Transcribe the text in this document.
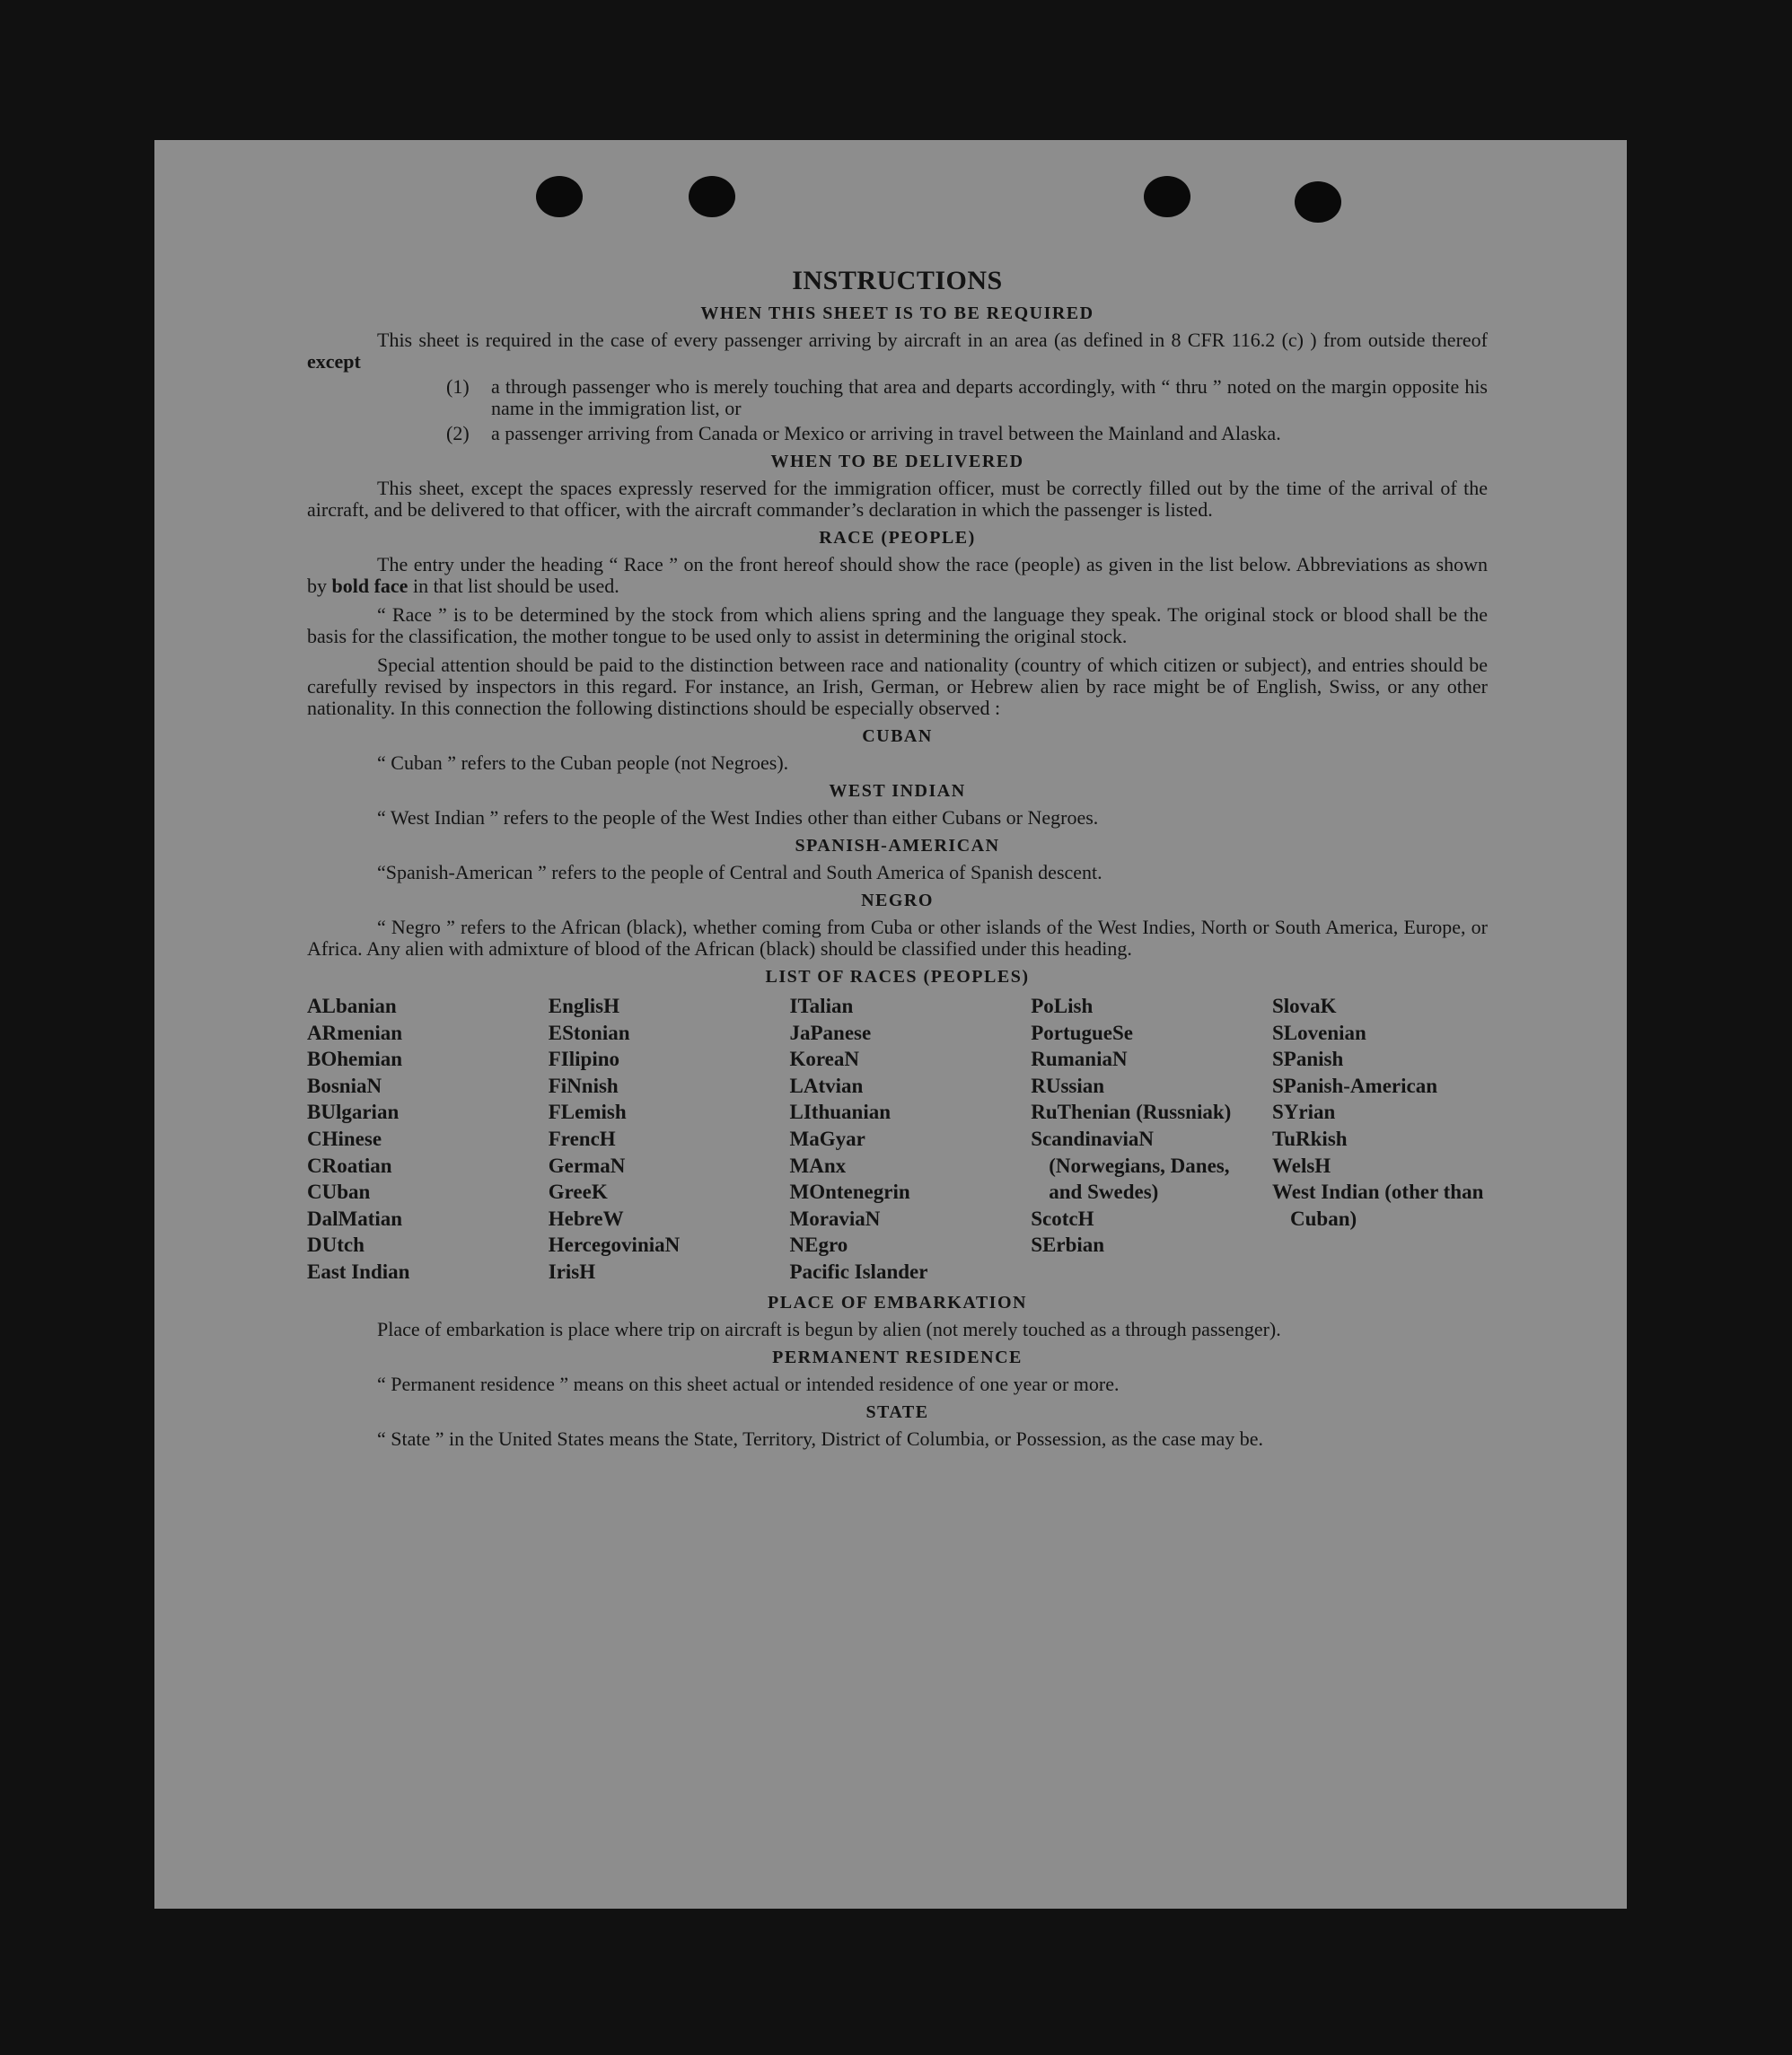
INSTRUCTIONS
WHEN THIS SHEET IS TO BE REQUIRED

This sheet is required in the case of every passenger arriving by aircraft in an area (as defined in 8 CFR 116.2 (c) ) from outside thereof except

(1)	a through passenger who is merely touching that area and departs accordingly, with “ thru ” noted on the margin opposite his name in the immigration list, or
(2)	a passenger arriving from Canada or Mexico or arriving in travel between the Mainland and Alaska.
WHEN TO BE DELIVERED

This sheet, except the spaces expressly reserved for the immigration officer, must be correctly filled out by the time of the arrival of the aircraft, and be delivered to that officer, with the aircraft commander’s declaration in which the passenger is listed.

RACE (PEOPLE)

The entry under the heading “ Race ” on the front hereof should show the race (people) as given in the list below. Abbreviations as shown by bold face in that list should be used.

“ Race ” is to be determined by the stock from which aliens spring and the language they speak. The original stock or blood shall be the basis for the classification, the mother tongue to be used only to assist in determining the original stock.

Special attention should be paid to the distinction between race and nationality (country of which citizen or subject), and entries should be carefully revised by inspectors in this regard. For instance, an Irish, German, or Hebrew alien by race might be of English, Swiss, or any other nationality. In this connection the following distinctions should be especially observed :

CUBAN

“ Cuban ” refers to the Cuban people (not Negroes).

WEST INDIAN

“ West Indian ” refers to the people of the West Indies other than either Cubans or Negroes.

SPANISH-AMERICAN

“Spanish-American ” refers to the people of Central and South America of Spanish descent.

NEGRO

“ Negro ” refers to the African (black), whether coming from Cuba or other islands of the West Indies, North or South America, Europe, or Africa. Any alien with admixture of blood of the African (black) should be classified under this heading.

LIST OF RACES (PEOPLES)
ALbanian
ARmenian
BOhemian
BosniaN
BUlgarian
CHinese
CRoatian
CUban
DalMatian
DUtch
East Indian
EnglisH
EStonian
FIlipino
FiNnish
FLemish
FrencH
GermaN
GreeK
HebreW
HercegoviniaN
IrisH
ITalian
JaPanese
KoreaN
LAtvian
LIthuanian
MaGyar
MAnx
MOntenegrin
MoraviaN
NEgro
Pacific Islander
PoLish
PortugueSe
RumaniaN
RUssian
RuThenian (Russniak)
ScandinaviaN (Norwegians, Danes, and Swedes)
ScotcH
SErbian
SlovaK
SLovenian
SPanish
SPanish-American
SYrian
TuRkish
WelsH
West Indian (other than Cuban)
PLACE OF EMBARKATION

Place of embarkation is place where trip on aircraft is begun by alien (not merely touched as a through passenger).

PERMANENT RESIDENCE

“ Permanent residence ” means on this sheet actual or intended residence of one year or more.

STATE

“ State ” in the United States means the State, Territory, District of Columbia, or Possession, as the case may be.
